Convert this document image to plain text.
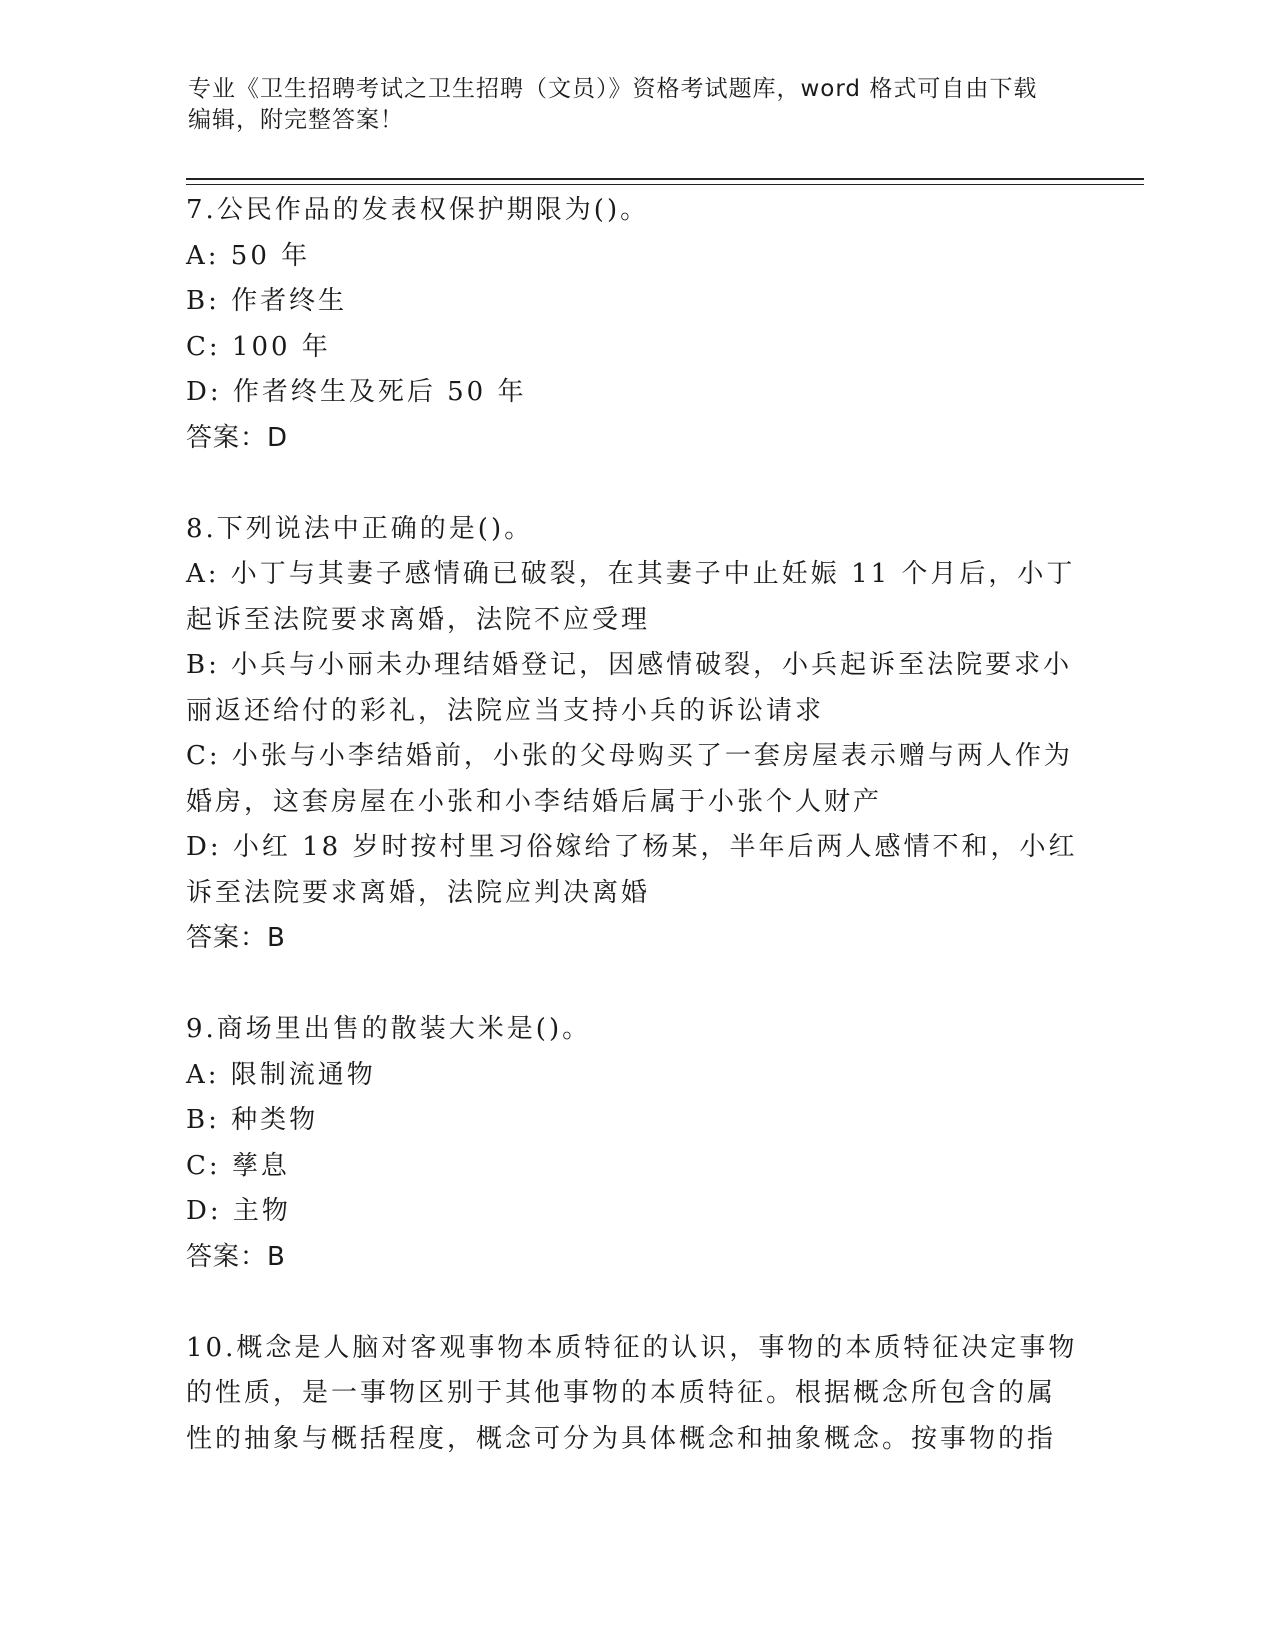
专业《卫生招聘考试之卫生招聘（文员）》资格考试题库，word 格式可自由下载
编辑，附完整答案！
7.公民作品的发表权保护期限为()。
A: 50 年
B: 作者终生
C: 100 年
D: 作者终生及死后 50 年
答案：D
8.下列说法中正确的是()。
A: 小丁与其妻子感情确已破裂，在其妻子中止妊娠 11 个月后，小丁
起诉至法院要求离婚，法院不应受理
B: 小兵与小丽未办理结婚登记，因感情破裂，小兵起诉至法院要求小
丽返还给付的彩礼，法院应当支持小兵的诉讼请求
C: 小张与小李结婚前，小张的父母购买了一套房屋表示赠与两人作为
婚房，这套房屋在小张和小李结婚后属于小张个人财产
D: 小红 18 岁时按村里习俗嫁给了杨某，半年后两人感情不和，小红
诉至法院要求离婚，法院应判决离婚
答案：B
9.商场里出售的散装大米是()。
A: 限制流通物
B: 种类物
C: 孳息
D: 主物
答案：B
10.概念是人脑对客观事物本质特征的认识，事物的本质特征决定事物
的性质，是一事物区别于其他事物的本质特征。根据概念所包含的属
性的抽象与概括程度，概念可分为具体概念和抽象概念。按事物的指
